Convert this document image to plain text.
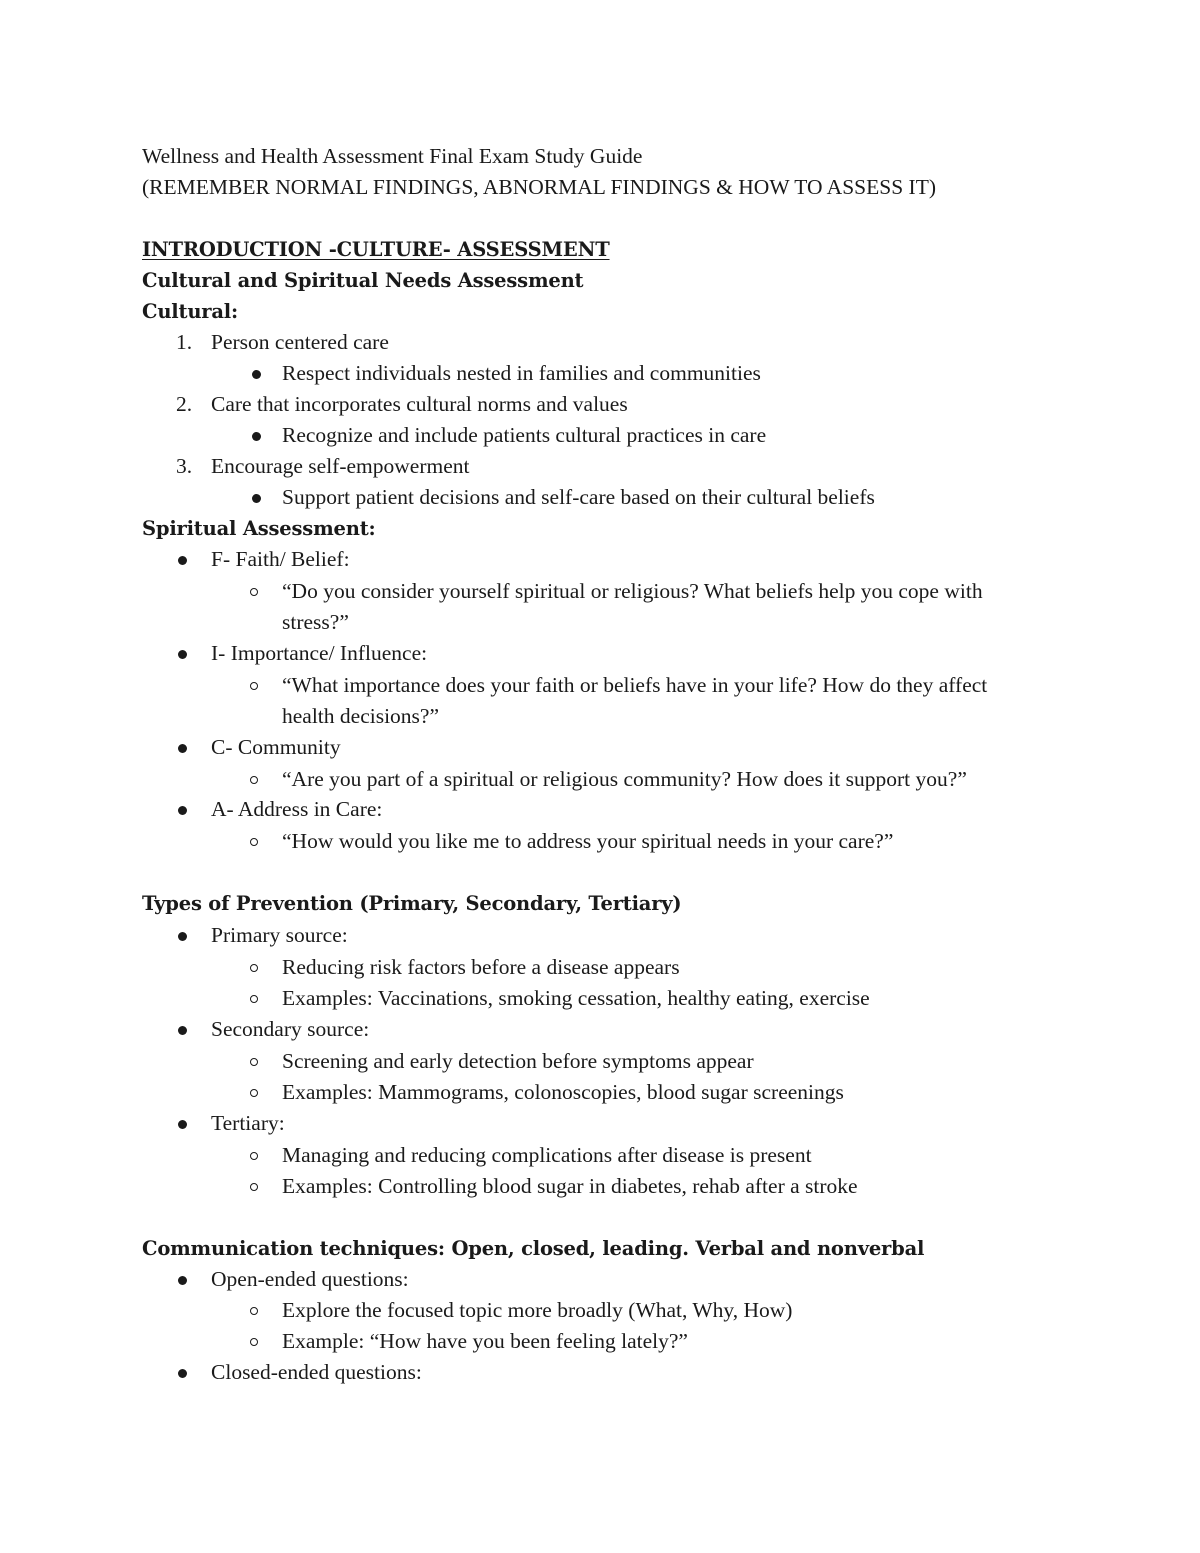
Wellness and Health Assessment Final Exam Study Guide
(REMEMBER NORMAL FINDINGS, ABNORMAL FINDINGS & HOW TO ASSESS IT)
INTRODUCTION -CULTURE- ASSESSMENT
Cultural and Spiritual Needs Assessment
Cultural:
1. Person centered care
Respect individuals nested in families and communities
2. Care that incorporates cultural norms and values
Recognize and include patients cultural practices in care
3. Encourage self-empowerment
Support patient decisions and self-care based on their cultural beliefs
Spiritual Assessment:
F- Faith/ Belief:
“Do you consider yourself spiritual or religious? What beliefs help you cope with
stress?”
I- Importance/ Influence:
“What importance does your faith or beliefs have in your life? How do they affect
health decisions?”
C- Community
“Are you part of a spiritual or religious community? How does it support you?”
A- Address in Care:
“How would you like me to address your spiritual needs in your care?”
Types of Prevention (Primary, Secondary, Tertiary)
Primary source:
Reducing risk factors before a disease appears
Examples: Vaccinations, smoking cessation, healthy eating, exercise
Secondary source:
Screening and early detection before symptoms appear
Examples: Mammograms, colonoscopies, blood sugar screenings
Tertiary:
Managing and reducing complications after disease is present
Examples: Controlling blood sugar in diabetes, rehab after a stroke
Communication techniques: Open, closed, leading. Verbal and nonverbal
Open-ended questions:
Explore the focused topic more broadly (What, Why, How)
Example: “How have you been feeling lately?”
Closed-ended questions:
